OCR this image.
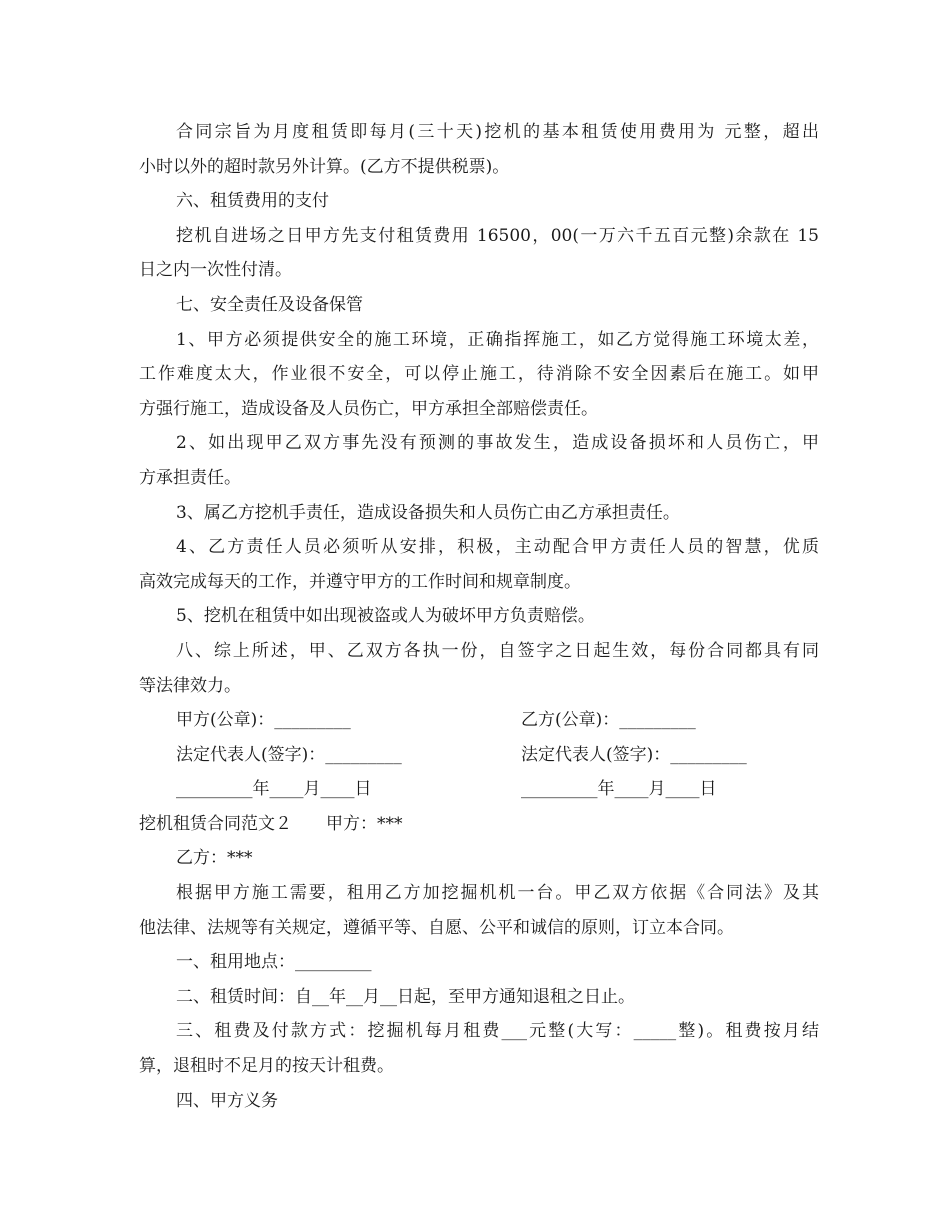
合同宗旨为月度租赁即每月(三十天)挖机的基本租赁使用费用为 元整，超出
小时以外的超时款另外计算。(乙方不提供税票)。
六、租赁费用的支付
挖机自进场之日甲方先支付租赁费用 16500，00(一万六千五百元整)余款在 15
日之内一次性付清。
七、安全责任及设备保管
1、甲方必须提供安全的施工环境，正确指挥施工，如乙方觉得施工环境太差，
工作难度太大，作业很不安全，可以停止施工，待消除不安全因素后在施工。如甲
方强行施工，造成设备及人员伤亡，甲方承担全部赔偿责任。
2、如出现甲乙双方事先没有预测的事故发生，造成设备损坏和人员伤亡，甲
方承担责任。
3、属乙方挖机手责任，造成设备损失和人员伤亡由乙方承担责任。
4、乙方责任人员必须听从安排，积极，主动配合甲方责任人员的智慧，优质
高效完成每天的工作，并遵守甲方的工作时间和规章制度。
5、挖机在租赁中如出现被盗或人为破坏甲方负责赔偿。
八、综上所述，甲、乙双方各执一份，自签字之日起生效，每份合同都具有同
等法律效力。
甲方(公章)：_________	乙方(公章)：_________
法定代表人(签字)：_________	法定代表人(签字)：_________
_________年____月____日	_________年____月____日
挖机租赁合同范文２　　甲方：***
乙方：***
根据甲方施工需要，租用乙方加挖掘机机一台。甲乙双方依据《合同法》及其
他法律、法规等有关规定，遵循平等、自愿、公平和诚信的原则，订立本合同。
一、租用地点：_________
二、租赁时间：自__年__月__日起，至甲方通知退租之日止。
三、租费及付款方式：挖掘机每月租费___元整(大写：_____整)。租费按月结
算，退租时不足月的按天计租费。
四、甲方义务
